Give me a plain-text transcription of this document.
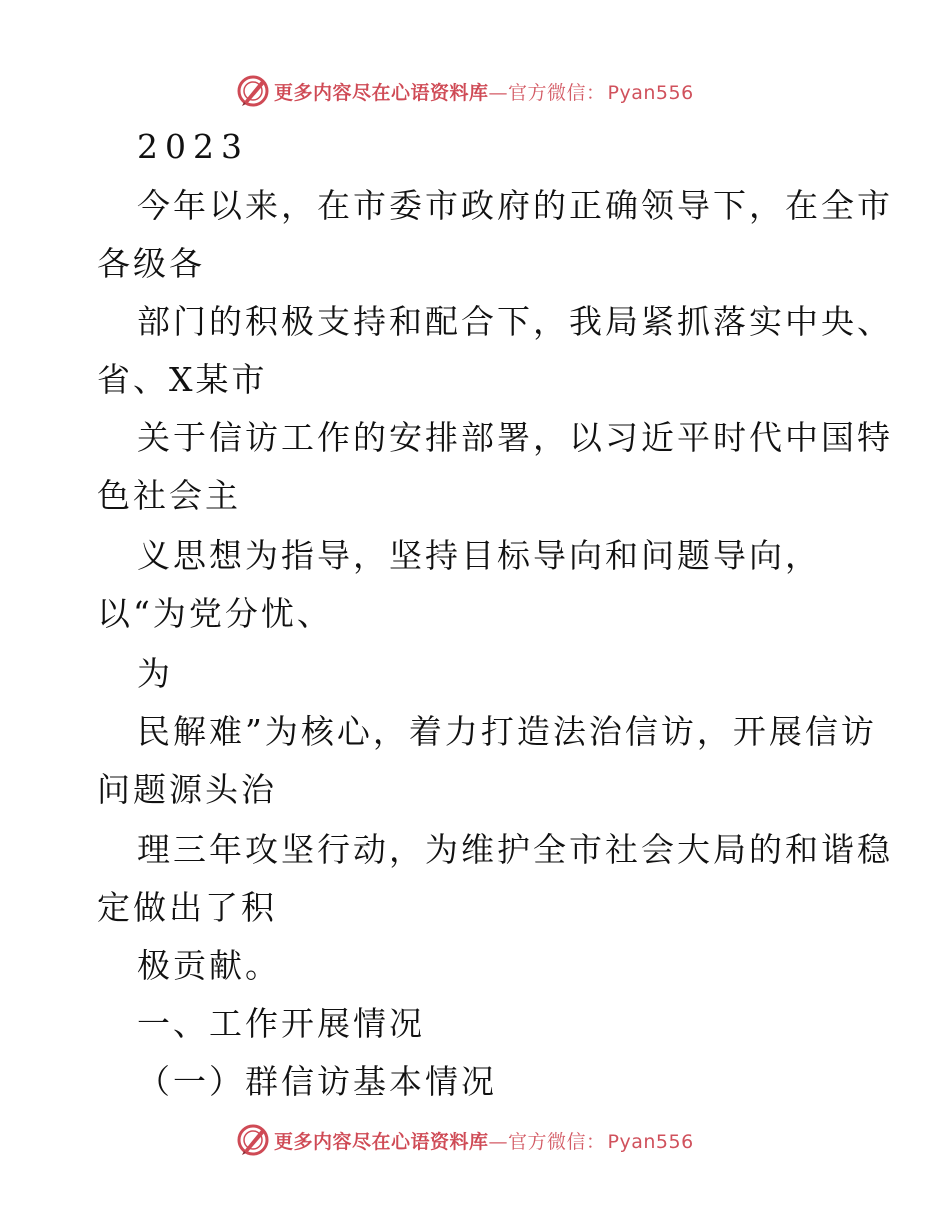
更多内容尽在心语资料库—官方微信： Pyan556
2023
今年以来，在市委市政府的正确领导下，在全市
各级各
部门的积极支持和配合下，我局紧抓落实中央、
省、X某市
关于信访工作的安排部署，以习近平时代中国特
色社会主
义思想为指导，坚持目标导向和问题导向，
以“为党分忧、
为
民解难”为核心，着力打造法治信访，开展信访
问题源头治
理三年攻坚行动，为维护全市社会大局的和谐稳
定做出了积
极贡献。
一、工作开展情况
（一）群信访基本情况
更多内容尽在心语资料库—官方微信： Pyan556
